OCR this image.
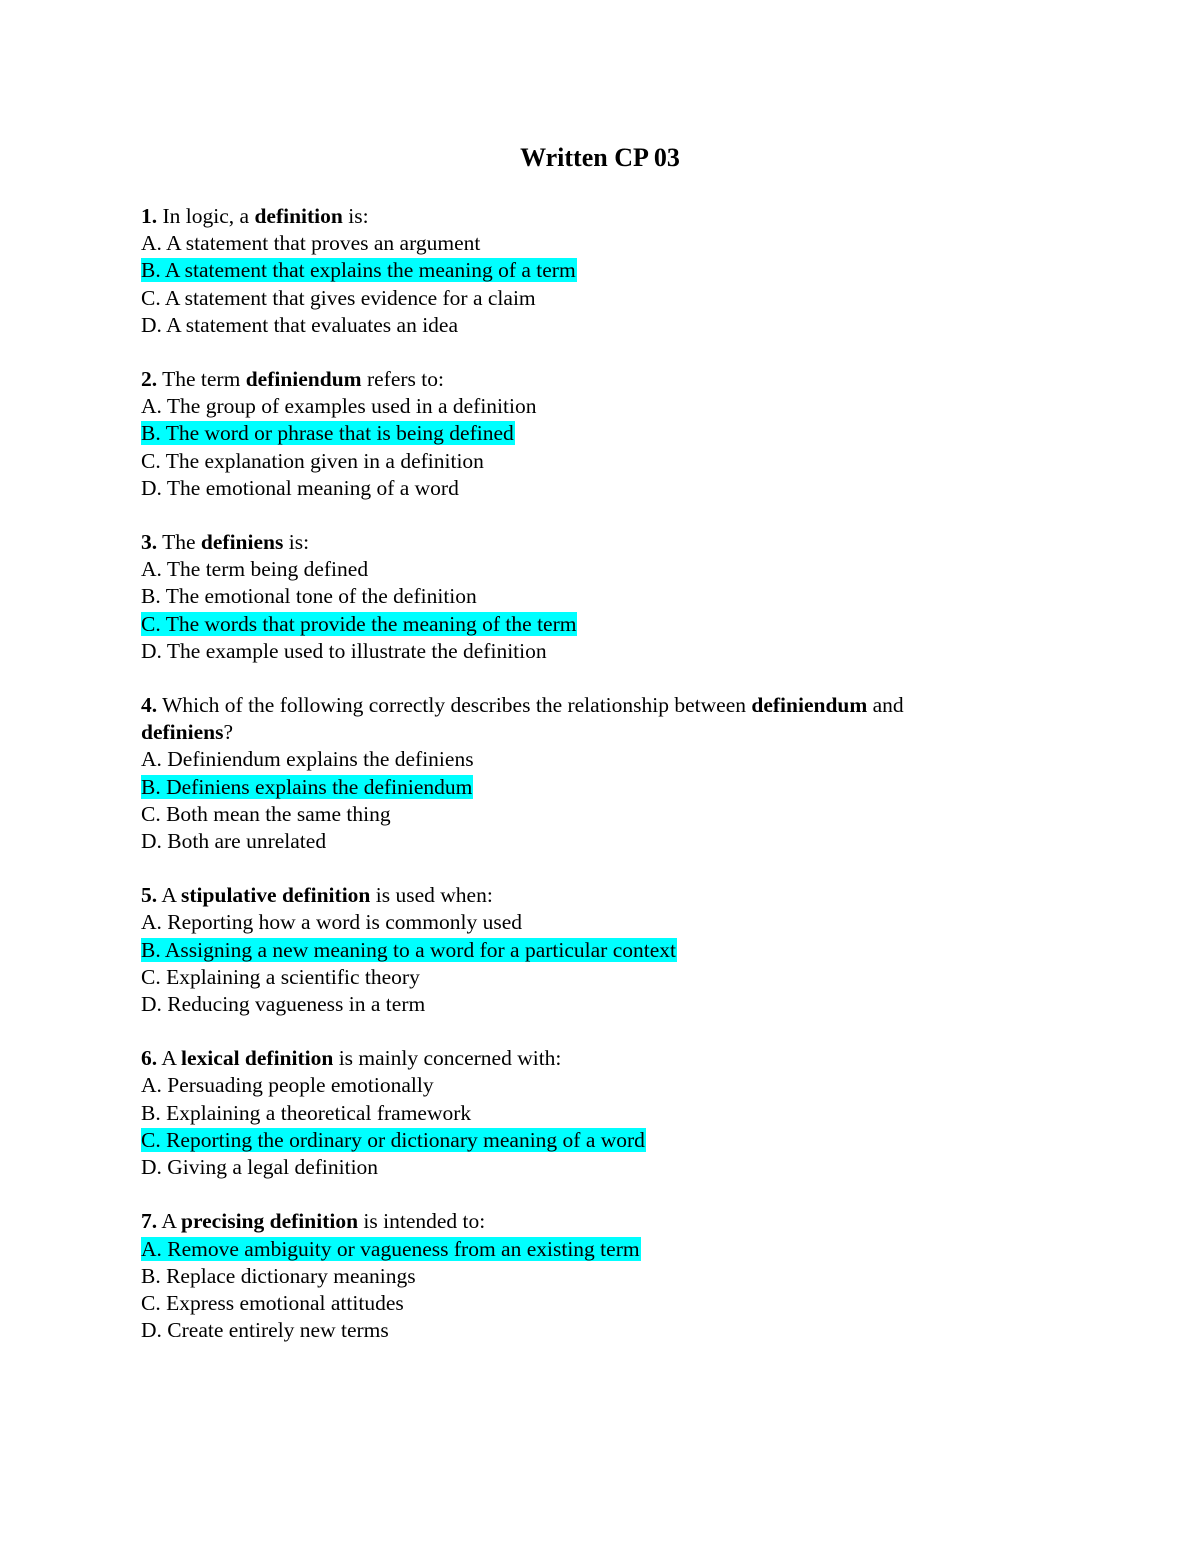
Written CP 03
1. In logic, a definition is:
A. A statement that proves an argument
B. A statement that explains the meaning of a term
C. A statement that gives evidence for a claim
D. A statement that evaluates an idea
2. The term definiendum refers to:
A. The group of examples used in a definition
B. The word or phrase that is being defined
C. The explanation given in a definition
D. The emotional meaning of a word
3. The definiens is:
A. The term being defined
B. The emotional tone of the definition
C. The words that provide the meaning of the term
D. The example used to illustrate the definition
4. Which of the following correctly describes the relationship between definiendum and definiens?
A. Definiendum explains the definiens
B. Definiens explains the definiendum
C. Both mean the same thing
D. Both are unrelated
5. A stipulative definition is used when:
A. Reporting how a word is commonly used
B. Assigning a new meaning to a word for a particular context
C. Explaining a scientific theory
D. Reducing vagueness in a term
6. A lexical definition is mainly concerned with:
A. Persuading people emotionally
B. Explaining a theoretical framework
C. Reporting the ordinary or dictionary meaning of a word
D. Giving a legal definition
7. A precising definition is intended to:
A. Remove ambiguity or vagueness from an existing term
B. Replace dictionary meanings
C. Express emotional attitudes
D. Create entirely new terms
